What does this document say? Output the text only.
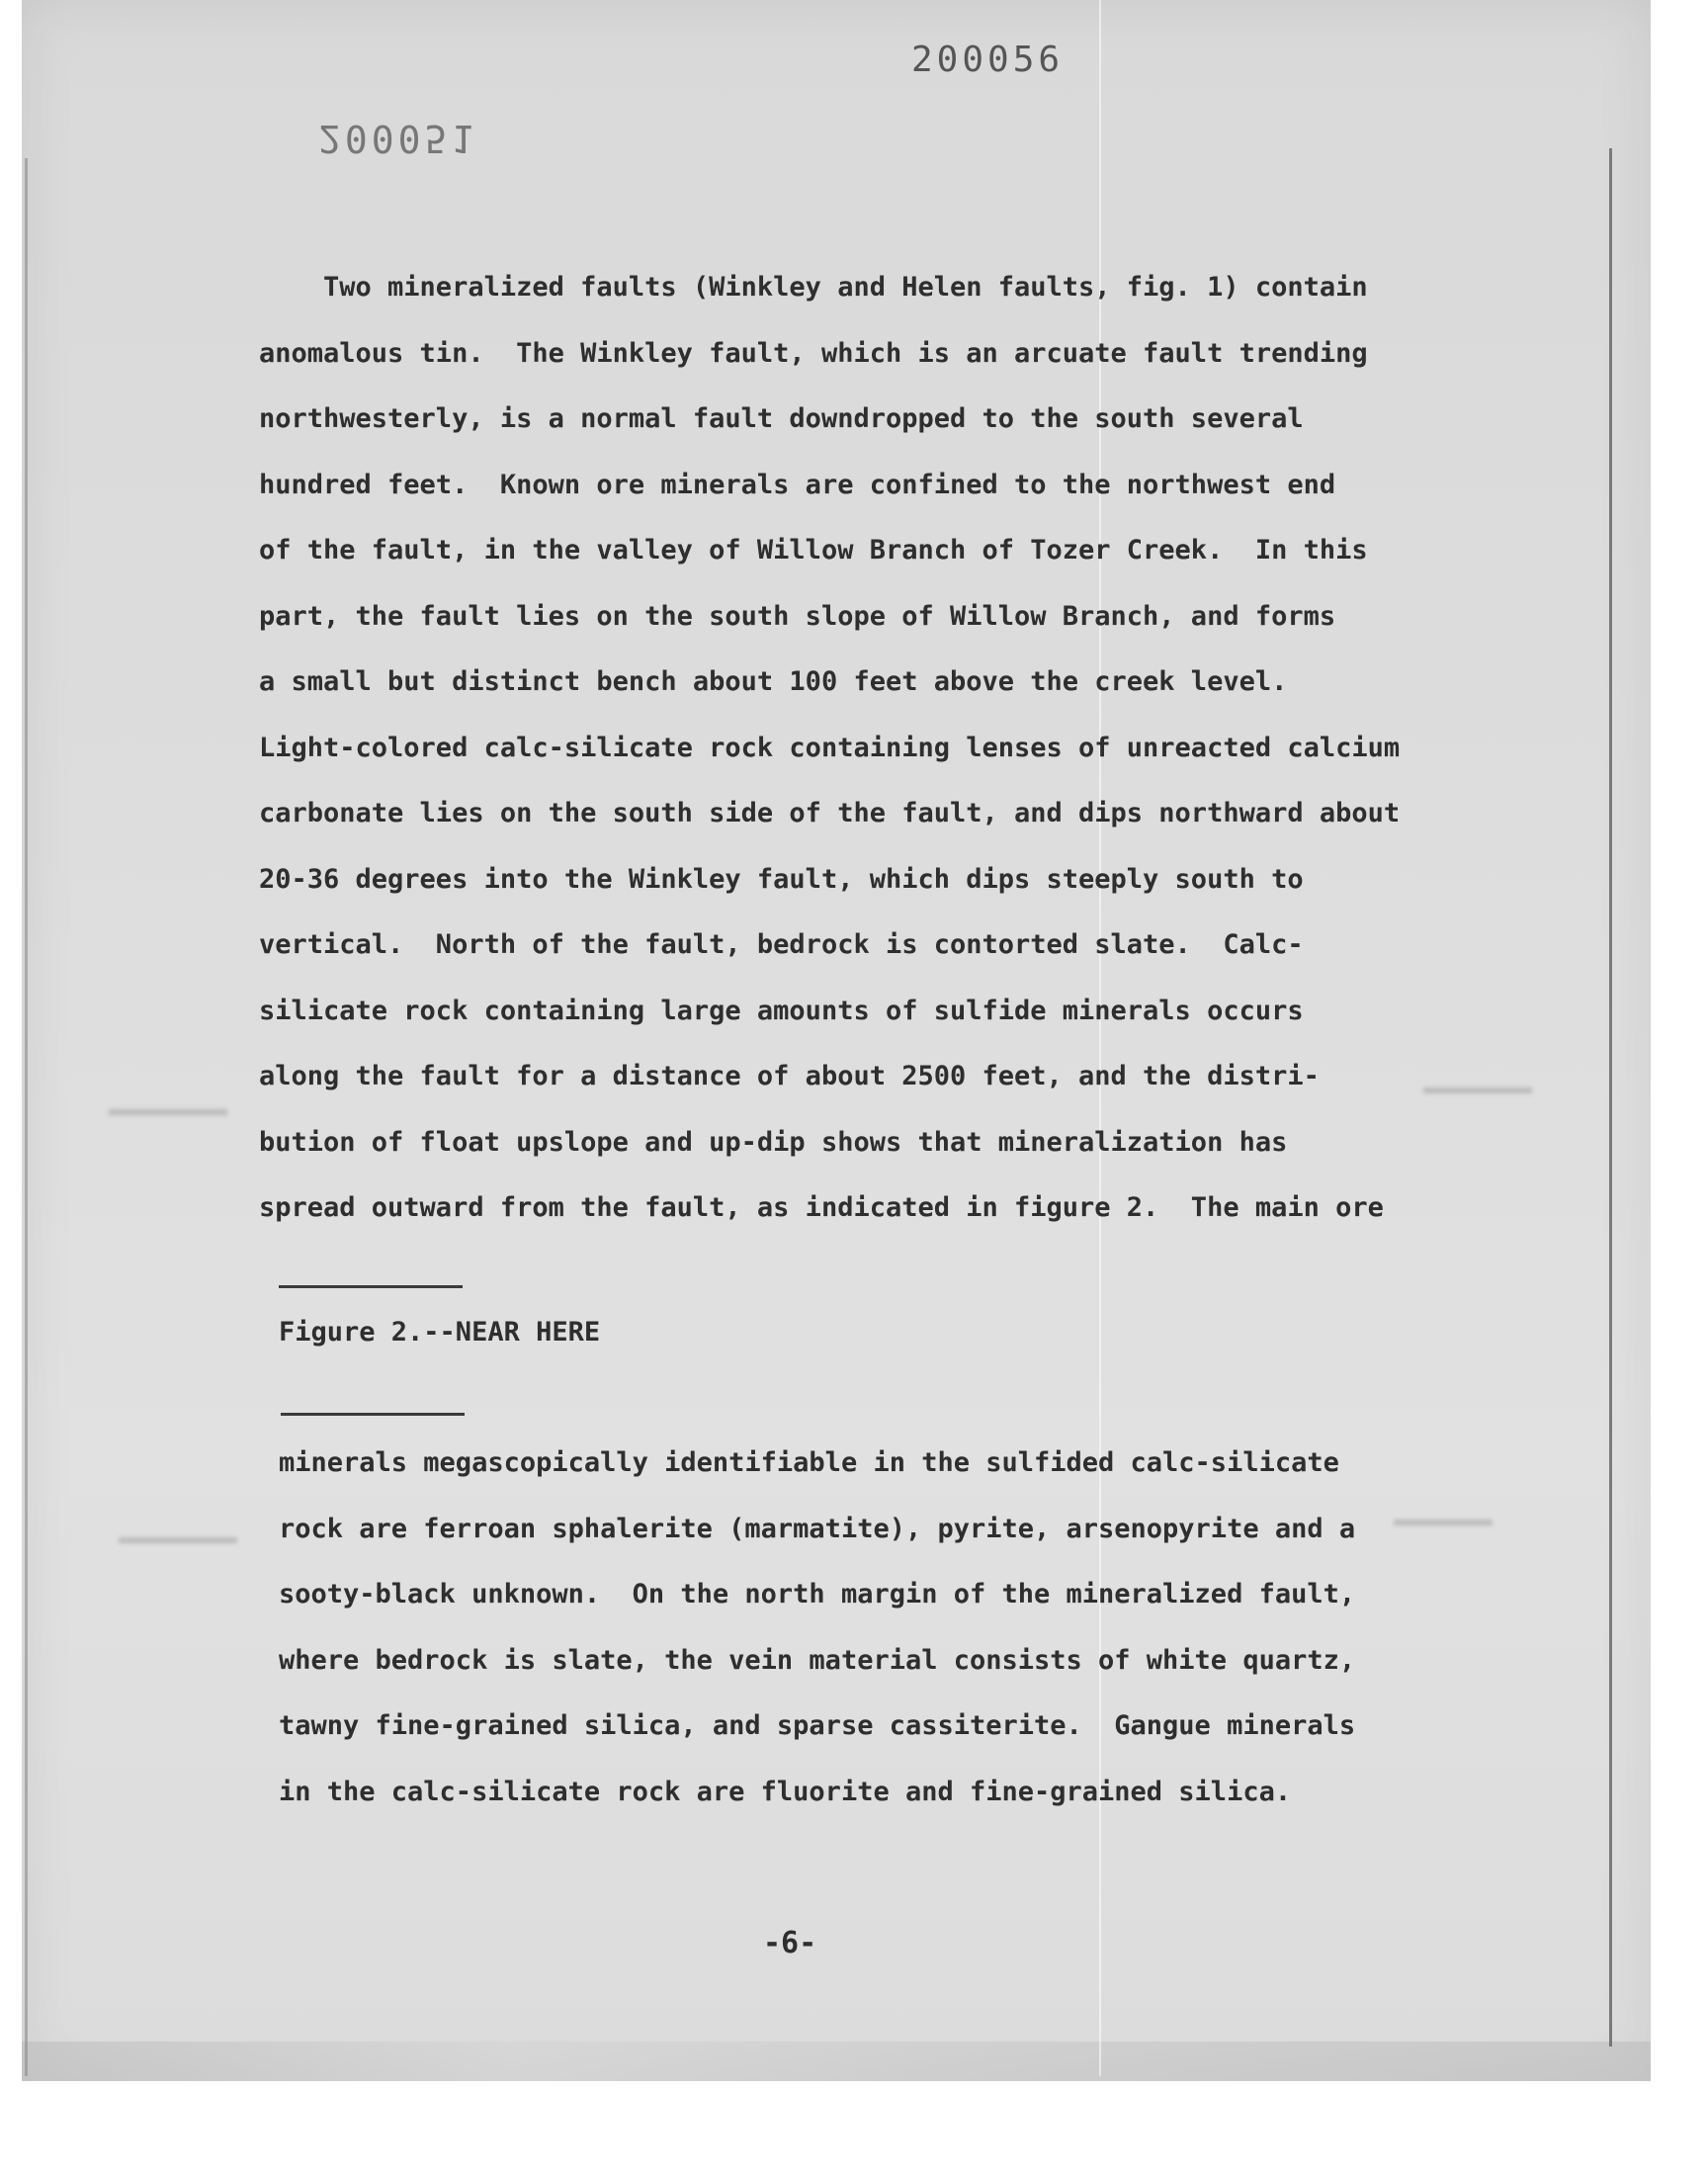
200056
200051
Two mineralized faults (Winkley and Helen faults, fig. 1) contain
anomalous tin.  The Winkley fault, which is an arcuate fault trending
northwesterly, is a normal fault downdropped to the south several
hundred feet.  Known ore minerals are confined to the northwest end
of the fault, in the valley of Willow Branch of Tozer Creek.  In this
part, the fault lies on the south slope of Willow Branch, and forms
a small but distinct bench about 100 feet above the creek level.
Light-colored calc-silicate rock containing lenses of unreacted calcium
carbonate lies on the south side of the fault, and dips northward about
20-36 degrees into the Winkley fault, which dips steeply south to
vertical.  North of the fault, bedrock is contorted slate.  Calc-
silicate rock containing large amounts of sulfide minerals occurs
along the fault for a distance of about 2500 feet, and the distri-
bution of float upslope and up-dip shows that mineralization has
spread outward from the fault, as indicated in figure 2.  The main ore
Figure 2.--NEAR HERE
minerals megascopically identifiable in the sulfided calc-silicate
rock are ferroan sphalerite (marmatite), pyrite, arsenopyrite and a
sooty-black unknown.  On the north margin of the mineralized fault,
where bedrock is slate, the vein material consists of white quartz,
tawny fine-grained silica, and sparse cassiterite.  Gangue minerals
in the calc-silicate rock are fluorite and fine-grained silica.
-6-
